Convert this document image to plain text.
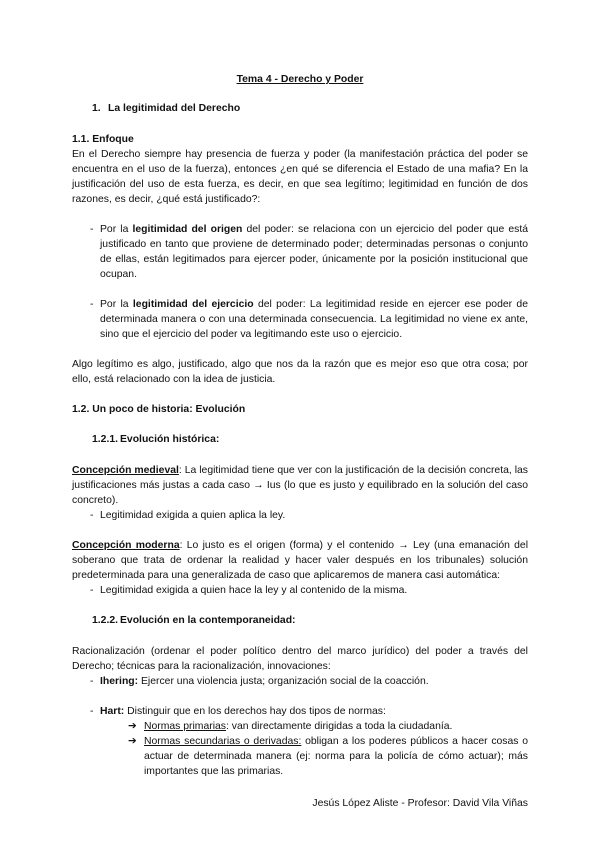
Tema 4 - Derecho y Poder
1. La legitimidad del Derecho
1.1. Enfoque

En el Derecho siempre hay presencia de fuerza y poder (la manifestación práctica del poder se encuentra en el uso de la fuerza), entonces ¿en qué se diferencia el Estado de una mafia? En la justificación del uso de esta fuerza, es decir, en que sea legítimo; legitimidad en función de dos razones, es decir, ¿qué está justificado?:

- Por la legitimidad del origen del poder: se relaciona con un ejercicio del poder que está justificado en tanto que proviene de determinado poder; determinadas personas o conjunto de ellas, están legitimados para ejercer poder, únicamente por la posición institucional que ocupan.
- Por la legitimidad del ejercicio del poder: La legitimidad reside en ejercer ese poder de determinada manera o con una determinada consecuencia. La legitimidad no viene ex ante, sino que el ejercicio del poder va legitimando este uso o ejercicio.

Algo legítimo es algo, justificado, algo que nos da la razón que es mejor eso que otra cosa; por ello, está relacionado con la idea de justicia.

1.2. Un poco de historia: Evolución
1.2.1. Evolución histórica:

Concepción medieval: La legitimidad tiene que ver con la justificación de la decisión concreta, las justificaciones más justas a cada caso → Ius (lo que es justo y equilibrado en la solución del caso concreto).

- Legitimidad exigida a quien aplica la ley.

Concepción moderna: Lo justo es el origen (forma) y el contenido → Ley (una emanación del soberano que trata de ordenar la realidad y hacer valer después en los tribunales) solución predeterminada para una generalizada de caso que aplicaremos de manera casi automática:

- Legitimidad exigida a quien hace la ley y al contenido de la misma.
1.2.2. Evolución en la contemporaneidad:

Racionalización (ordenar el poder político dentro del marco jurídico) del poder a través del Derecho; técnicas para la racionalización, innovaciones:

- Ihering: Ejercer una violencia justa; organización social de la coacción.
- Hart: Distinguir que en los derechos hay dos tipos de normas:
➔ Normas primarias: van directamente dirigidas a toda la ciudadanía.
➔ Normas secundarias o derivadas: obligan a los poderes públicos a hacer cosas o actuar de determinada manera (ej: norma para la policía de cómo actuar); más importantes que las primarias.
Jesús López Aliste - Profesor: David Vila Viñas
